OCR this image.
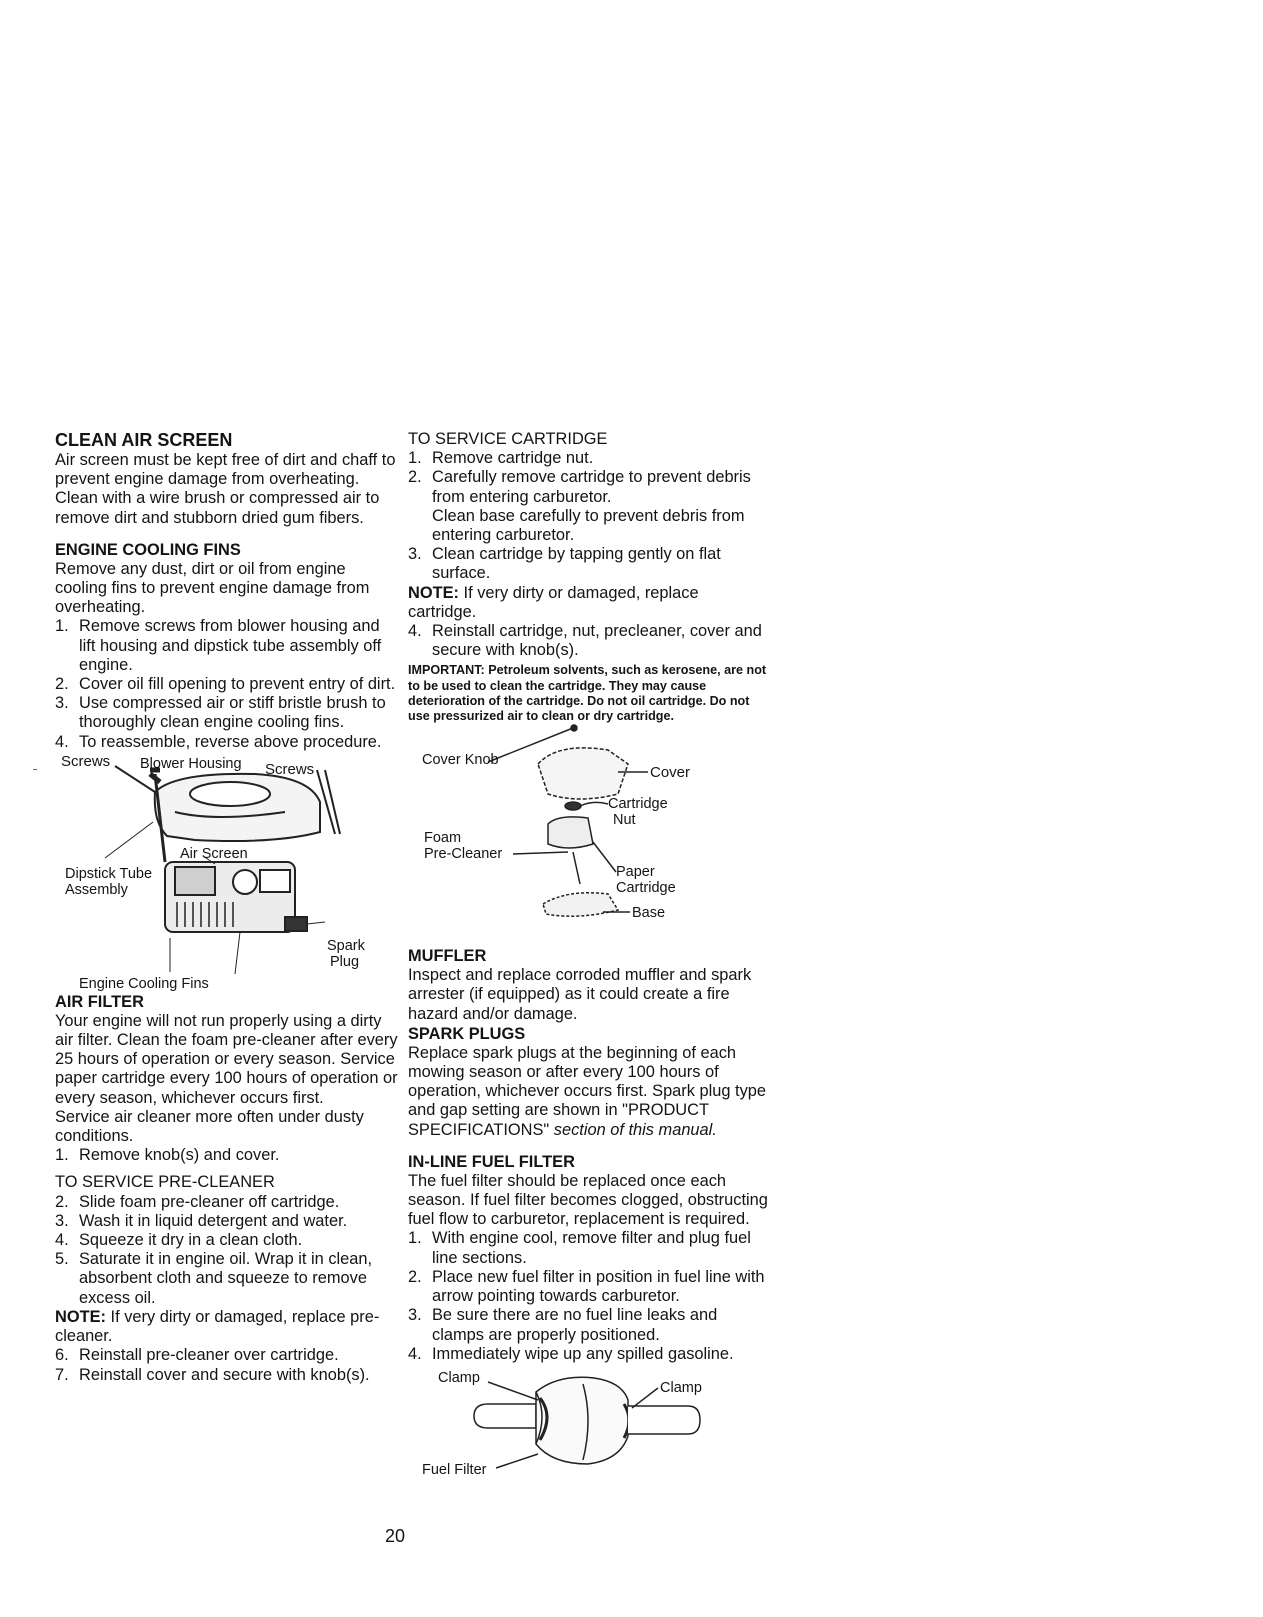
CLEAN AIR SCREEN

Air screen must be kept free of dirt and chaff to prevent engine damage from overheating. Clean with a wire brush or compressed air to remove dirt and stubborn dried gum fibers.

ENGINE COOLING FINS

Remove any dust, dirt or oil from engine cooling fins to prevent engine damage from overheating.

1. Remove screws from blower housing and lift housing and dipstick tube assembly off engine.
2. Cover oil fill opening to prevent entry of dirt.
3. Use compressed air or stiff bristle brush to thoroughly clean engine cooling fins.
4. To reassemble, reverse above procedure.
Screws Blower Housing Screws
Air Screen
Dipstick Tube
Assembly
Spark
Plug
Engine Cooling Fins
AIR FILTER

Your engine will not run properly using a dirty air filter. Clean the foam pre-cleaner after every 25 hours of operation or every season. Service paper cartridge every 100 hours of operation or every season, whichever occurs first.

Service air cleaner more often under dusty conditions.

1. Remove knob(s) and cover.

TO SERVICE PRE-CLEANER

2. Slide foam pre-cleaner off cartridge.
3. Wash it in liquid detergent and water.
4. Squeeze it dry in a clean cloth.
5. Saturate it in engine oil. Wrap it in clean, absorbent cloth and squeeze to remove excess oil.

NOTE: If very dirty or damaged, replace pre-cleaner.

6. Reinstall pre-cleaner over cartridge.
7. Reinstall cover and secure with knob(s).

TO SERVICE CARTRIDGE

1. Remove cartridge nut.
2. Carefully remove cartridge to prevent debris from entering carburetor.
Clean base carefully to prevent debris from entering carburetor.
3. Clean cartridge by tapping gently on flat surface.

NOTE: If very dirty or damaged, replace cartridge.

4. Reinstall cartridge, nut, precleaner, cover and secure with knob(s).

IMPORTANT: Petroleum solvents, such as kerosene, are not to be used to clean the cartridge. They may cause deterioration of the cartridge. Do not oil cartridge. Do not use pressurized air to clean or dry cartridge.

Cover Knob
Cover
Cartridge
Nut
Foam
Pre-Cleaner
Paper
Cartridge
Base
MUFFLER

Inspect and replace corroded muffler and spark arrester (if equipped) as it could create a fire hazard and/or damage.

SPARK PLUGS

Replace spark plugs at the beginning of each mowing season or after every 100 hours of operation, whichever occurs first. Spark plug type and gap setting are shown in "PRODUCT SPECIFICATIONS" section of this manual.

IN-LINE FUEL FILTER

The fuel filter should be replaced once each season. If fuel filter becomes clogged, obstructing fuel flow to carburetor, replacement is required.

1. With engine cool, remove filter and plug fuel line sections.
2. Place new fuel filter in position in fuel line with arrow pointing towards carburetor.
3. Be sure there are no fuel line leaks and clamps are properly positioned.
4. Immediately wipe up any spilled gasoline.
Clamp
Clamp
Fuel Filter
20
